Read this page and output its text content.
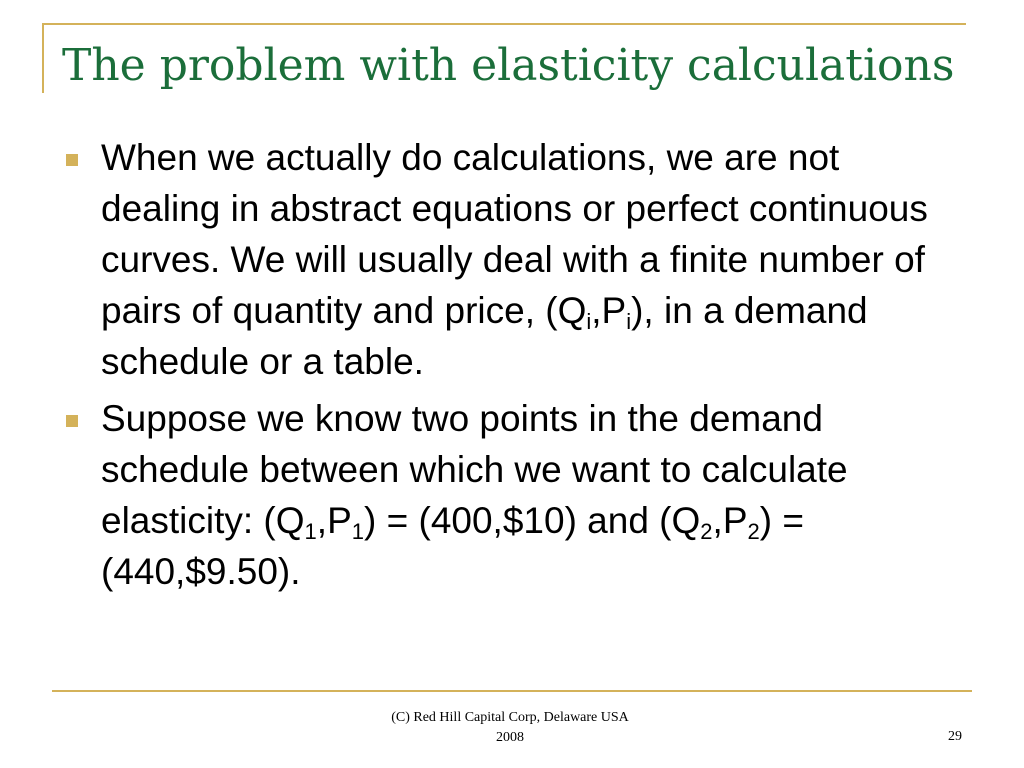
The problem with elasticity calculations
When we actually do calculations, we are not dealing in abstract equations or perfect continuous curves. We will usually deal with a finite number of pairs of quantity and price, $(Q_i,P_i)$, in a demand schedule or a table.
Suppose we know two points in the demand schedule between which we want to calculate elasticity: $(Q_1,P_1)$ = (400,$10) and $(Q_2,P_2)$ = (440,$9.50).
(C) Red Hill Capital Corp, Delaware USA
2008	29
